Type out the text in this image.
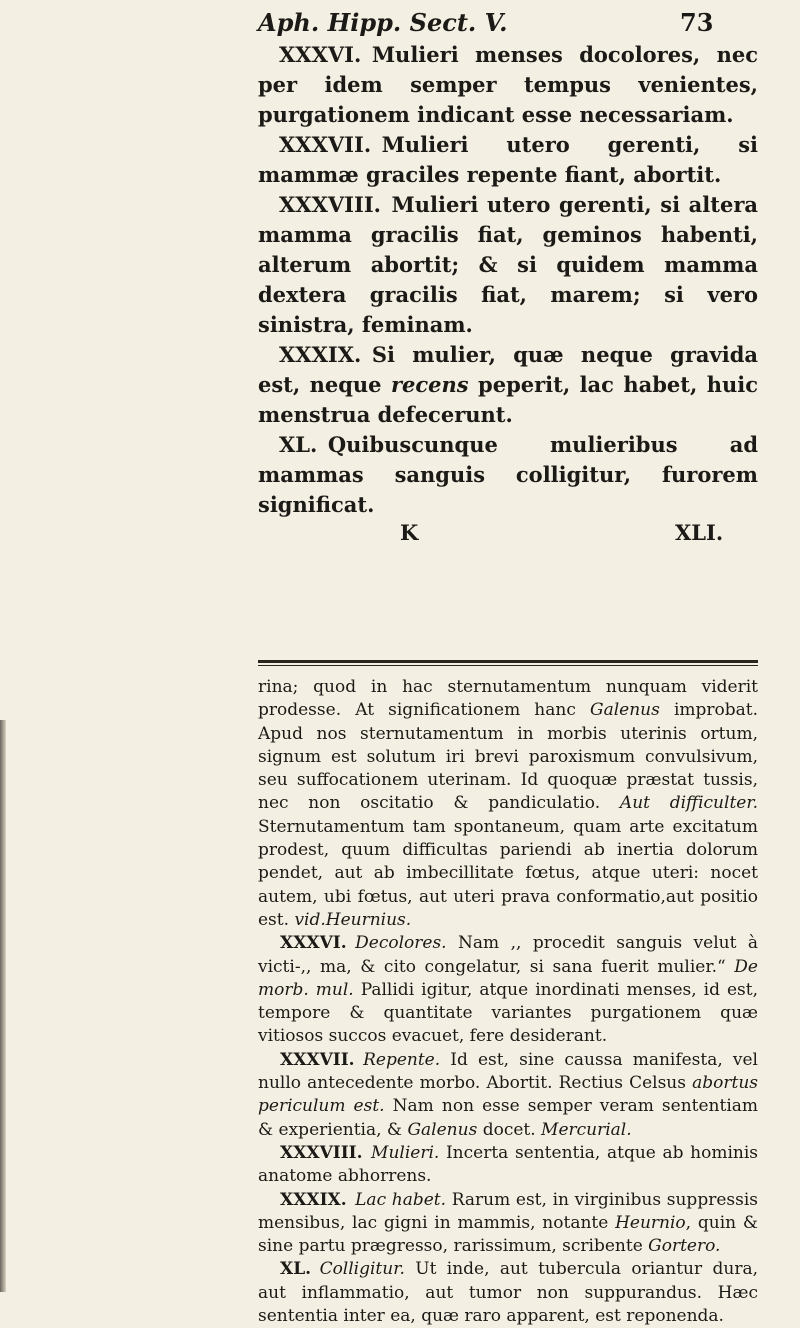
Aph. Hipp. Sect. V.	73

 XXXVI.  Mulieri menses docolores, nec per idem semper tempus venientes, purgationem indicant esse necessariam.

 XXXVII.  Mulieri utero gerenti, si mammæ graciles repente fiant, abortit.

 XXXVIII.  Mulieri utero gerenti, si altera mamma gracilis fiat, geminos habenti, alterum abortit; & si quidem mamma dextera gracilis fiat, marem; si vero sinistra, feminam.

 XXXIX.  Si mulier, quæ neque gravida est, neque recens peperit, lac habet, huic menstrua defecerunt.

 XL.  Quibuscunque mulieribus ad mammas sanguis colligitur, furorem significat.

K	XLI.

rina; quod in hac sternutamentum nunquam viderit prodesse. At significationem hanc Galenus improbat. Apud nos sternutamentum in morbis uterinis ortum, signum est solutum iri brevi paroxismum convulsivum, seu suffocationem uterinam. Id quoquæ præstat tussis, nec non oscitatio & pandiculatio. Aut difficulter. Sternutamentum tam spontaneum, quam arte excitatum prodest, quum difficultas pariendi ab inertia dolorum pendet, aut ab imbecillitate fœtus, atque uteri: nocet autem, ubi fœtus, aut uteri prava conformatio,aut positio est. vid.Heurnius.

XXXVI.  Decolores. Nam ,, procedit sanguis velut à victi-,, ma, & cito congelatur, si sana fuerit mulier.“ De morb. mul. Pallidi igitur, atque inordinati menses, id est, tempore & quantitate variantes purgationem quæ vitiosos succos evacuet, fere desiderant.

XXXVII.  Repente. Id est, sine caussa manifesta, vel nullo antecedente morbo. Abortit. Rectius Celsus abortus periculum est. Nam non esse semper veram sententiam & experientia, & Galenus docet. Mercurial.

XXXVIII.  Mulieri. Incerta sententia, atque ab hominis anatome abhorrens.

XXXIX.  Lac habet. Rarum est, in virginibus suppressis mensibus, lac gigni in mammis, notante Heurnio, quin & sine partu prægresso, rarissimum, scribente Gortero.

XL.  Colligitur. Ut inde, aut tubercula oriantur dura, aut inflammatio, aut tumor non suppurandus. Hæc sententia inter ea, quæ raro apparent, est reponenda.
